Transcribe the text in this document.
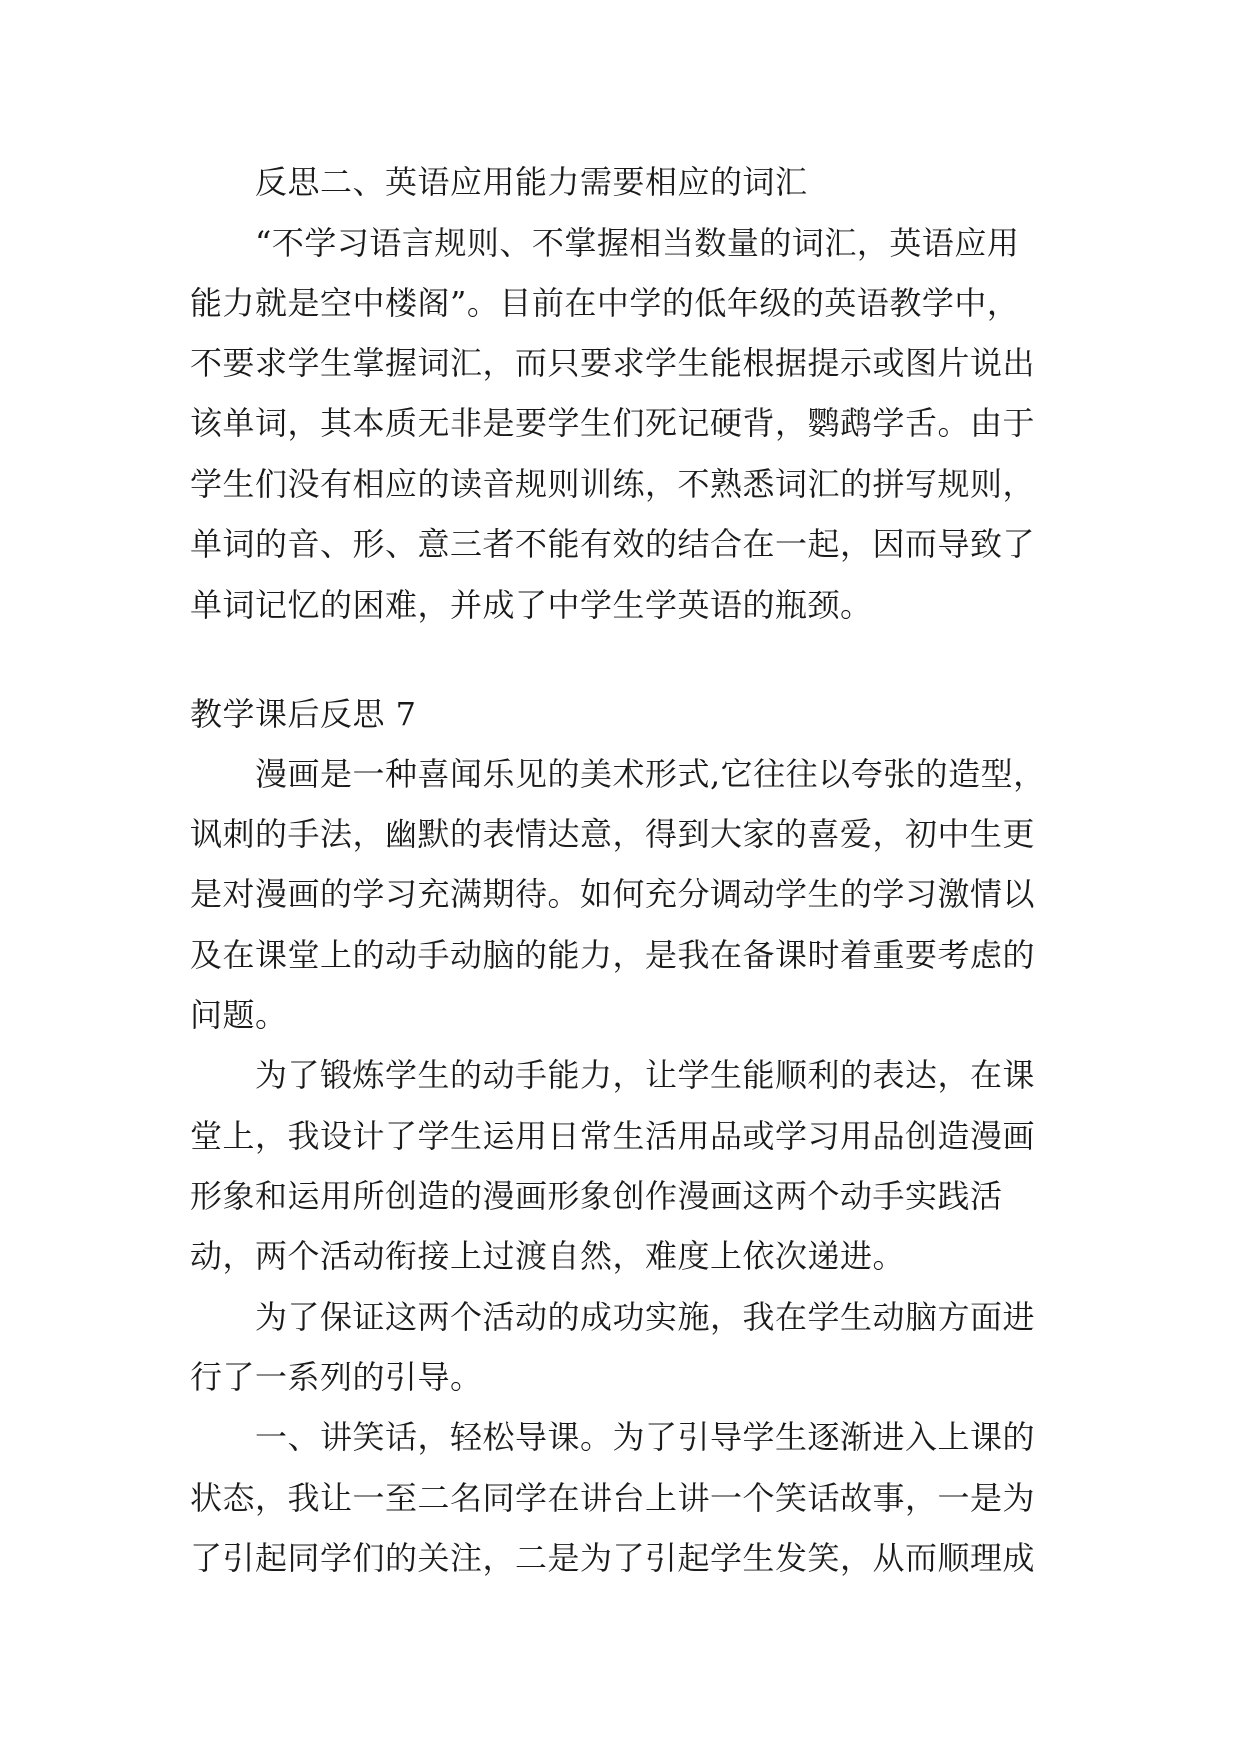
反思二、英语应用能力需要相应的词汇
“不学习语言规则、不掌握相当数量的词汇，英语应用
能力就是空中楼阁”。目前在中学的低年级的英语教学中，
不要求学生掌握词汇，而只要求学生能根据提示或图片说出
该单词，其本质无非是要学生们死记硬背，鹦鹉学舌。由于
学生们没有相应的读音规则训练，不熟悉词汇的拼写规则，
单词的音、形、意三者不能有效的结合在一起，因而导致了
单词记忆的困难，并成了中学生学英语的瓶颈。
教学课后反思 7
漫画是一种喜闻乐见的美术形式,它往往以夸张的造型，
讽刺的手法，幽默的表情达意，得到大家的喜爱，初中生更
是对漫画的学习充满期待。如何充分调动学生的学习激情以
及在课堂上的动手动脑的能力，是我在备课时着重要考虑的
问题。
为了锻炼学生的动手能力，让学生能顺利的表达，在课
堂上，我设计了学生运用日常生活用品或学习用品创造漫画
形象和运用所创造的漫画形象创作漫画这两个动手实践活
动，两个活动衔接上过渡自然，难度上依次递进。
为了保证这两个活动的成功实施，我在学生动脑方面进
行了一系列的引导。
一、讲笑话，轻松导课。为了引导学生逐渐进入上课的
状态，我让一至二名同学在讲台上讲一个笑话故事，一是为
了引起同学们的关注，二是为了引起学生发笑，从而顺理成
